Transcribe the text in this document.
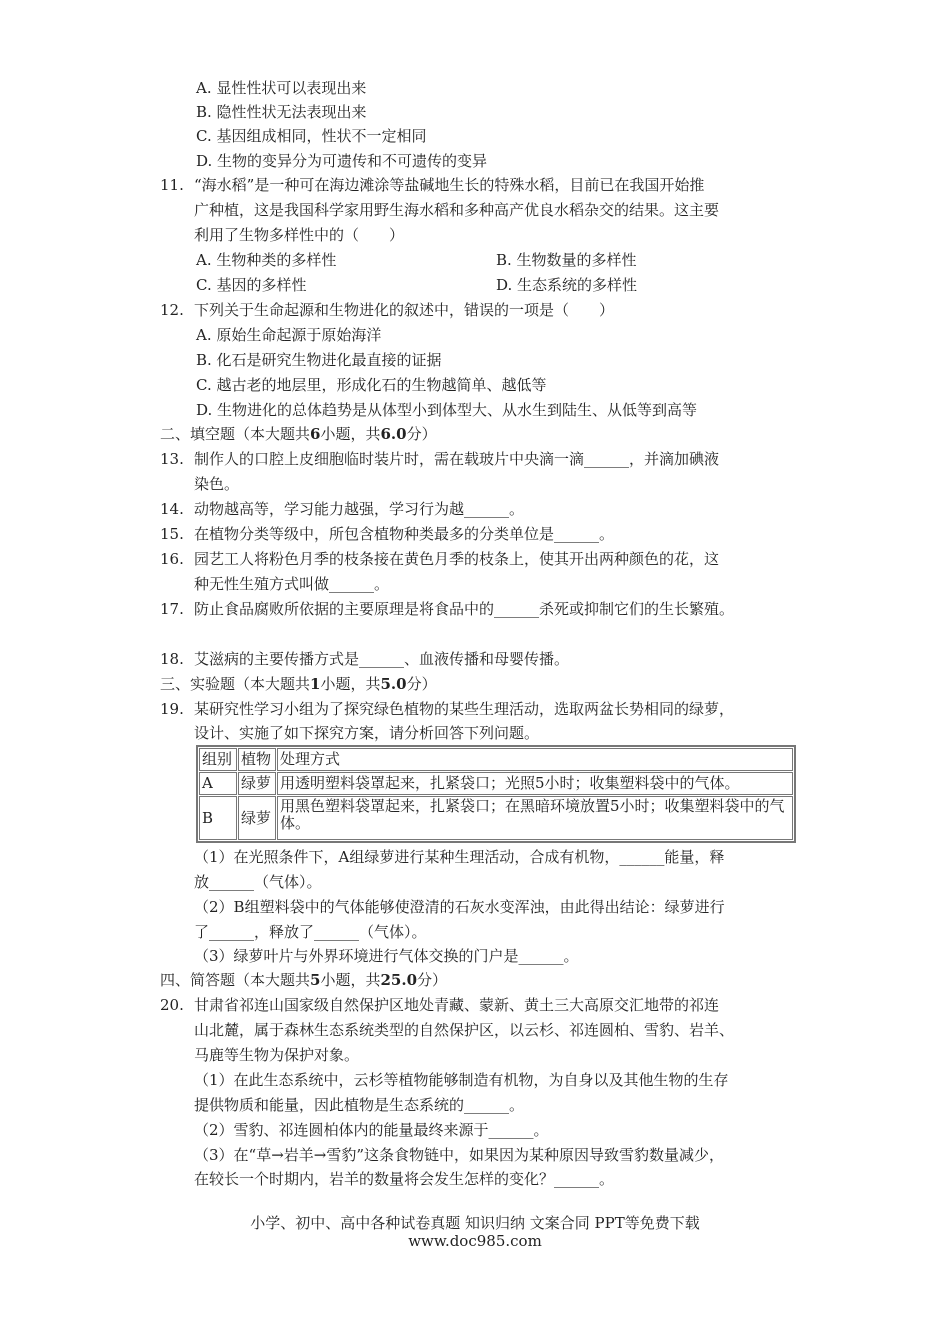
A. 显性性状可以表现出来
B. 隐性性状无法表现出来
C. 基因组成相同，性状不一定相同
D. 生物的变异分为可遗传和不可遗传的变异
11. “海水稻”是一种可在海边滩涂等盐碱地生长的特殊水稻，目前已在我国开始推
广种植，这是我国科学家用野生海水稻和多种高产优良水稻杂交的结果。这主要
利用了生物多样性中的（　　）
A. 生物种类的多样性	B. 生物数量的多样性
C. 基因的多样性	D. 生态系统的多样性
12. 下列关于生命起源和生物进化的叙述中，错误的一项是（　　）
A. 原始生命起源于原始海洋
B. 化石是研究生物进化最直接的证据
C. 越古老的地层里，形成化石的生物越简单、越低等
D. 生物进化的总体趋势是从体型小到体型大、从水生到陆生、从低等到高等
二、填空题（本大题共6小题，共6.0分）
13. 制作人的口腔上皮细胞临时装片时，需在载玻片中央滴一滴______，并滴加碘液
染色。
14. 动物越高等，学习能力越强，学习行为越______。
15. 在植物分类等级中，所包含植物种类最多的分类单位是______。
16. 园艺工人将粉色月季的枝条接在黄色月季的枝条上，使其开出两种颜色的花，这
种无性生殖方式叫做______。
17. 防止食品腐败所依据的主要原理是将食品中的______杀死或抑制它们的生长繁殖。
18. 艾滋病的主要传播方式是______、血液传播和母婴传播。
三、实验题（本大题共1小题，共5.0分）
19. 某研究性学习小组为了探究绿色植物的某些生理活动，选取两盆长势相同的绿萝，
设计、实施了如下探究方案，请分析回答下列问题。
组别	植物	处理方式
A	绿萝	用透明塑料袋罩起来，扎紧袋口；光照5小时；收集塑料袋中的气体。
B	绿萝	用黑色塑料袋罩起来，扎紧袋口；在黑暗环境放置5小时；收集塑料袋中的气体。
（1）在光照条件下，A组绿萝进行某种生理活动，合成有机物，______能量，释
放______（气体）。
（2）B组塑料袋中的气体能够使澄清的石灰水变浑浊，由此得出结论：绿萝进行
了______，释放了______（气体）。
（3）绿萝叶片与外界环境进行气体交换的门户是______。
四、简答题（本大题共5小题，共25.0分）
20. 甘肃省祁连山国家级自然保护区地处青藏、蒙新、黄土三大高原交汇地带的祁连
山北麓，属于森林生态系统类型的自然保护区，以云杉、祁连圆柏、雪豹、岩羊、
马鹿等生物为保护对象。
（1）在此生态系统中，云杉等植物能够制造有机物，为自身以及其他生物的生存
提供物质和能量，因此植物是生态系统的______。
（2）雪豹、祁连圆柏体内的能量最终来源于______。
（3）在“草→岩羊→雪豹”这条食物链中，如果因为某种原因导致雪豹数量减少，
在较长一个时期内，岩羊的数量将会发生怎样的变化？______。
小学、初中、高中各种试卷真题 知识归纳 文案合同 PPT等免费下载
www.doc985.com
